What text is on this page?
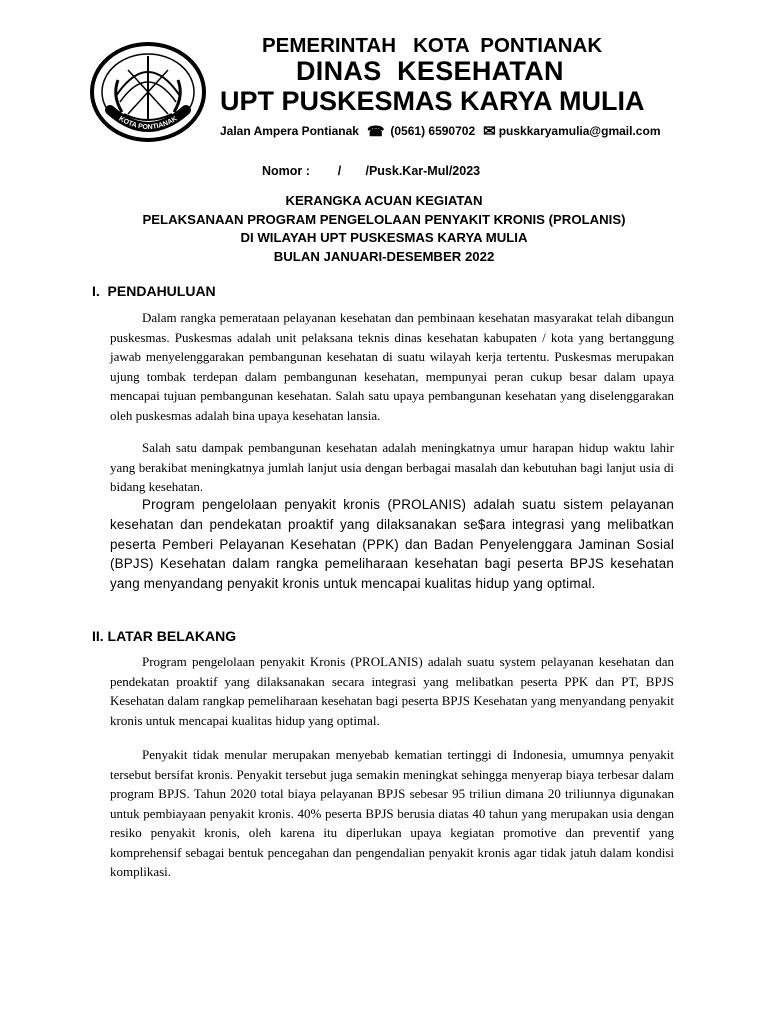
KOTA PONTIANAK
PEMERINTAH   KOTA  PONTIANAK
DINAS  KESEHATAN
UPT PUSKESMAS KARYA MULIA
Jalan Ampera Pontianak ☎ (0561) 6590702 ✉ puskkaryamulia@gmail.com
Nomor :        /       /Pusk.Kar-Mul/2023
KERANGKA ACUAN KEGIATAN
PELAKSANAAN PROGRAM PENGELOLAAN PENYAKIT KRONIS (PROLANIS)
DI WILAYAH UPT PUSKESMAS KARYA MULIA
BULAN JANUARI-DESEMBER 2022
I.  PENDAHULUAN

Dalam rangka pemerataan pelayanan kesehatan dan pembinaan kesehatan masyarakat telah dibangun puskesmas. Puskesmas adalah unit pelaksana teknis dinas kesehatan kabupaten / kota yang bertanggung jawab menyelenggarakan pembangunan kesehatan di suatu wilayah kerja tertentu. Puskesmas merupakan ujung tombak terdepan dalam pembangunan kesehatan, mempunyai peran cukup besar dalam upaya mencapai tujuan pembangunan kesehatan. Salah satu upaya pembangunan kesehatan yang diselenggarakan oleh puskesmas adalah bina upaya kesehatan lansia.

Salah satu dampak pembangunan kesehatan adalah meningkatnya umur harapan hidup waktu lahir yang berakibat meningkatnya jumlah lanjut usia dengan berbagai masalah dan kebutuhan bagi lanjut usia di bidang kesehatan.

Program pengelolaan penyakit kronis (PROLANIS) adalah suatu sistem pelayanan kesehatan dan pendekatan proaktif yang dilaksanakan se$ara integrasi yang melibatkan peserta Pemberi Pelayanan Kesehatan (PPK) dan Badan Penyelenggara Jaminan Sosial (BPJS) Kesehatan dalam rangka pemeliharaan kesehatan bagi peserta BPJS kesehatan yang menyandang penyakit kronis untuk mencapai kualitas hidup yang optimal.

II. LATAR BELAKANG

Program pengelolaan penyakit Kronis (PROLANIS) adalah suatu system pelayanan kesehatan dan pendekatan proaktif yang dilaksanakan secara integrasi yang melibatkan peserta PPK dan PT, BPJS Kesehatan dalam rangkap pemeliharaan kesehatan bagi peserta BPJS Kesehatan yang menyandang penyakit kronis untuk mencapai kualitas hidup yang optimal.

Penyakit tidak menular merupakan menyebab kematian tertinggi di Indonesia, umumnya penyakit tersebut bersifat kronis. Penyakit tersebut juga semakin meningkat sehingga menyerap biaya terbesar dalam program BPJS. Tahun 2020 total biaya pelayanan BPJS sebesar 95 triliun dimana 20 triliunnya digunakan untuk pembiayaan penyakit kronis. 40% peserta BPJS berusia diatas 40 tahun yang merupakan usia dengan resiko penyakit kronis, oleh karena itu diperlukan upaya kegiatan promotive dan preventif yang komprehensif sebagai bentuk pencegahan dan pengendalian penyakit kronis agar tidak jatuh dalam kondisi komplikasi.
